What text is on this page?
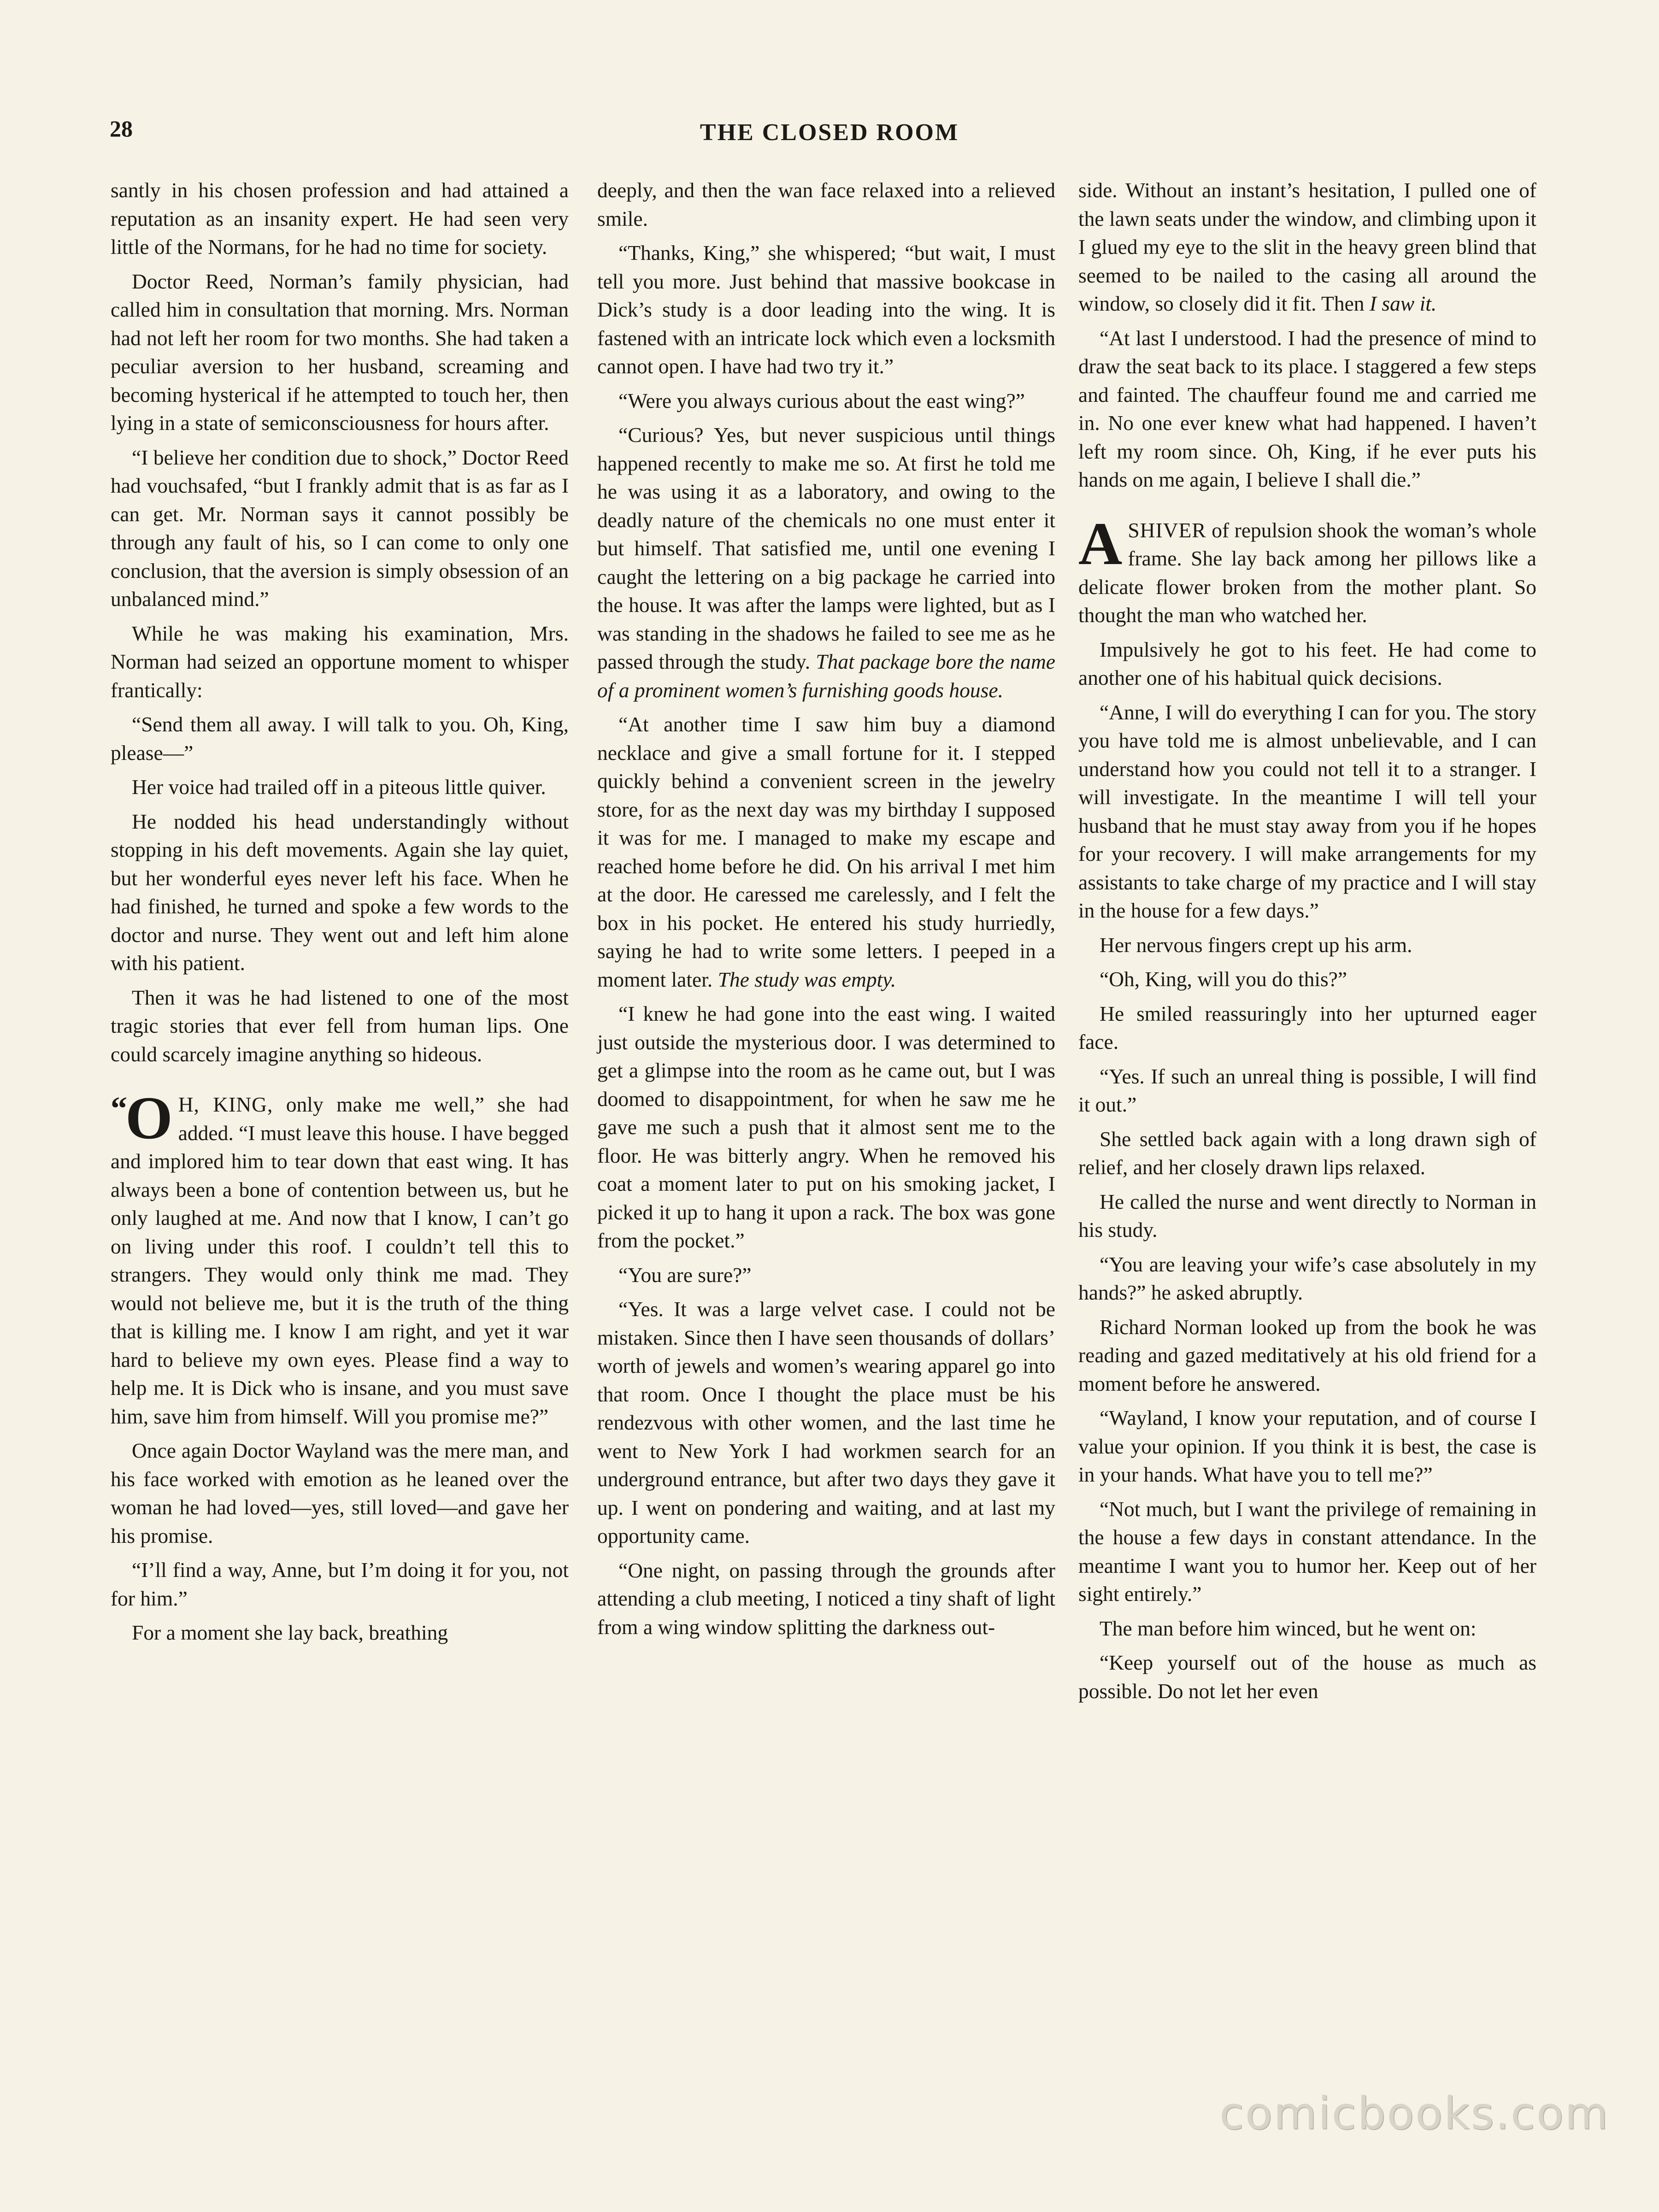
28	THE CLOSED ROOM

santly in his chosen profession and had attained a reputation as an insanity expert. He had seen very little of the Normans, for he had no time for society.

Doctor Reed, Norman’s family physician, had called him in consultation that morning. Mrs. Norman had not left her room for two months. She had taken a peculiar aversion to her husband, screaming and becoming hysterical if he attempted to touch her, then lying in a state of semiconsciousness for hours after.

“I believe her condition due to shock,” Doctor Reed had vouchsafed, “but I frankly admit that is as far as I can get. Mr. Norman says it cannot possibly be through any fault of his, so I can come to only one conclusion, that the aversion is simply obsession of an unbalanced mind.”

While he was making his examination, Mrs. Norman had seized an opportune moment to whisper frantically:

“Send them all away. I will talk to you. Oh, King, please—”

Her voice had trailed off in a piteous little quiver.

He nodded his head understandingly without stopping in his deft movements. Again she lay quiet, but her wonderful eyes never left his face. When he had finished, he turned and spoke a few words to the doctor and nurse. They went out and left him alone with his patient.

Then it was he had listened to one of the most tragic stories that ever fell from human lips. One could scarcely imagine anything so hideous.

“O H, KING, only make me well,” she had added. “I must leave this house. I have begged and implored him to tear down that east wing. It has always been a bone of contention between us, but he only laughed at me. And now that I know, I can’t go on living under this roof. I couldn’t tell this to strangers. They would only think me mad. They would not believe me, but it is the truth of the thing that is killing me. I know I am right, and yet it war hard to believe my own eyes. Please find a way to help me. It is Dick who is insane, and you must save him, save him from himself. Will you promise me?”

Once again Doctor Wayland was the mere man, and his face worked with emotion as he leaned over the woman he had loved—yes, still loved—and gave her his promise.

“I’ll find a way, Anne, but I’m doing it for you, not for him.”

For a moment she lay back, breathing

deeply, and then the wan face relaxed into a relieved smile.

“Thanks, King,” she whispered; “but wait, I must tell you more. Just behind that massive bookcase in Dick’s study is a door leading into the wing. It is fastened with an intricate lock which even a locksmith cannot open. I have had two try it.”

“Were you always curious about the east wing?”

“Curious? Yes, but never suspicious until things happened recently to make me so. At first he told me he was using it as a laboratory, and owing to the deadly nature of the chemicals no one must enter it but himself. That satisfied me, until one evening I caught the lettering on a big package he carried into the house. It was after the lamps were lighted, but as I was standing in the shadows he failed to see me as he passed through the study. That package bore the name of a prominent women’s furnishing goods house.

“At another time I saw him buy a diamond necklace and give a small fortune for it. I stepped quickly behind a convenient screen in the jewelry store, for as the next day was my birthday I supposed it was for me. I managed to make my escape and reached home before he did. On his arrival I met him at the door. He caressed me carelessly, and I felt the box in his pocket. He entered his study hurriedly, saying he had to write some letters. I peeped in a moment later. The study was empty.

“I knew he had gone into the east wing. I waited just outside the mysterious door. I was determined to get a glimpse into the room as he came out, but I was doomed to disappointment, for when he saw me he gave me such a push that it almost sent me to the floor. He was bitterly angry. When he removed his coat a moment later to put on his smoking jacket, I picked it up to hang it upon a rack. The box was gone from the pocket.”

“You are sure?”

“Yes. It was a large velvet case. I could not be mistaken. Since then I have seen thousands of dollars’ worth of jewels and women’s wearing apparel go into that room. Once I thought the place must be his rendezvous with other women, and the last time he went to New York I had workmen search for an underground entrance, but after two days they gave it up. I went on pondering and waiting, and at last my opportunity came.

“One night, on passing through the grounds after attending a club meeting, I noticed a tiny shaft of light from a wing window splitting the darkness out-

side. Without an instant’s hesitation, I pulled one of the lawn seats under the window, and climbing upon it I glued my eye to the slit in the heavy green blind that seemed to be nailed to the casing all around the window, so closely did it fit. Then I saw it.

“At last I understood. I had the presence of mind to draw the seat back to its place. I staggered a few steps and fainted. The chauffeur found me and carried me in. No one ever knew what had happened. I haven’t left my room since. Oh, King, if he ever puts his hands on me again, I believe I shall die.”

ASHIVER of repulsion shook the woman’s whole frame. She lay back among her pillows like a delicate flower broken from the mother plant. So thought the man who watched her.

Impulsively he got to his feet. He had come to another one of his habitual quick decisions.

“Anne, I will do everything I can for you. The story you have told me is almost unbelievable, and I can understand how you could not tell it to a stranger. I will investigate. In the meantime I will tell your husband that he must stay away from you if he hopes for your recovery. I will make arrangements for my assistants to take charge of my practice and I will stay in the house for a few days.”

Her nervous fingers crept up his arm.

“Oh, King, will you do this?”

He smiled reassuringly into her upturned eager face.

“Yes. If such an unreal thing is possible, I will find it out.”

She settled back again with a long drawn sigh of relief, and her closely drawn lips relaxed.

He called the nurse and went directly to Norman in his study.

“You are leaving your wife’s case absolutely in my hands?” he asked abruptly.

Richard Norman looked up from the book he was reading and gazed meditatively at his old friend for a moment before he answered.

“Wayland, I know your reputation, and of course I value your opinion. If you think it is best, the case is in your hands. What have you to tell me?”

“Not much, but I want the privilege of remaining in the house a few days in constant attendance. In the meantime I want you to humor her. Keep out of her sight entirely.”

The man before him winced, but he went on:

“Keep yourself out of the house as much as possible. Do not let her even

comicbooks.com
